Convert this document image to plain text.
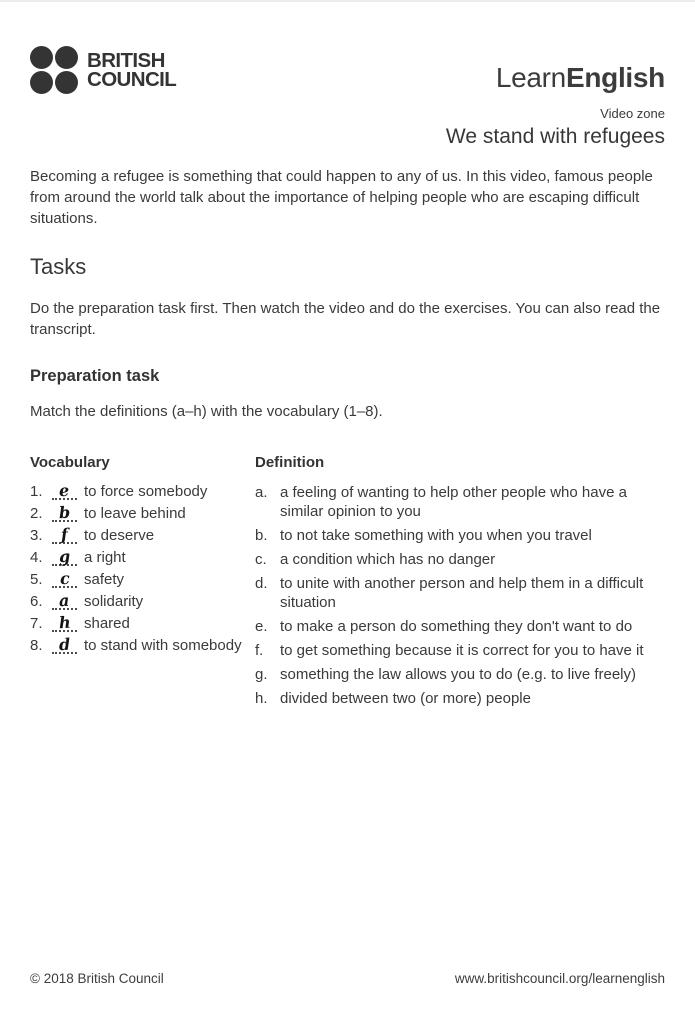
BRITISH
COUNCIL	LearnEnglish
Video zone
We stand with refugees

Becoming a refugee is something that could happen to any of us. In this video, famous people from around the world talk about the importance of helping people who are escaping difficult situations.

Tasks

Do the preparation task first. Then watch the video and do the exercises. You can also read the transcript.

Preparation task

Match the definitions (a–h) with the vocabulary (1–8).

Vocabulary
1.	e to force somebody
2. b to leave behind
3.	f	to deserve
4. g a right
5.	c safety
6.	a solidarity
7. h shared
8. d to stand with somebody
Definition
a. a feeling of wanting to help other people who have a similar opinion to you
b. to not take something with you when you travel
c. a condition which has no danger
d. to unite with another person and help them in a difficult situation
e. to make a person do something they don't want to do
f.	to get something because it is correct for you to have it
g. something the law allows you to do (e.g. to live freely)
h. divided between two (or more) people
© 2018 British Council	www.britishcouncil.org/learnenglish
